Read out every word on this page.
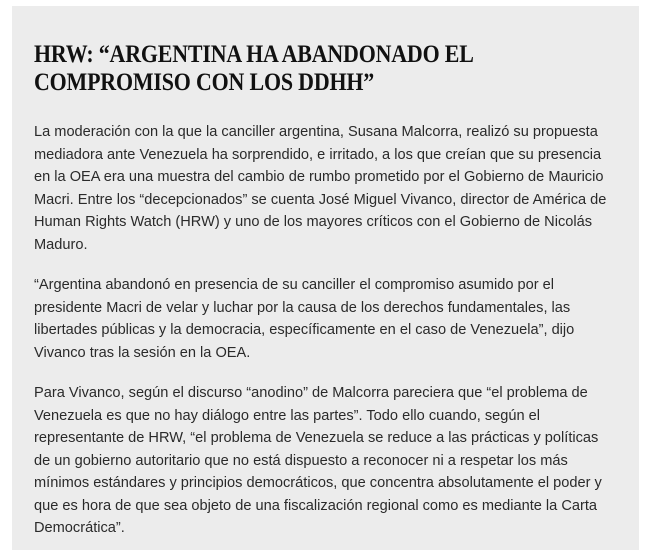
HRW: “ARGENTINA HA ABANDONADO EL COMPROMISO CON LOS DDHH”

La moderación con la que la canciller argentina, Susana Malcorra, realizó su propuesta mediadora ante Venezuela ha sorprendido, e irritado, a los que creían que su presencia en la OEA era una muestra del cambio de rumbo prometido por el Gobierno de Mauricio Macri. Entre los “decepcionados” se cuenta José Miguel Vivanco, director de América de Human Rights Watch (HRW) y uno de los mayores críticos con el Gobierno de Nicolás Maduro.

“Argentina abandonó en presencia de su canciller el compromiso asumido por el presidente Macri de velar y luchar por la causa de los derechos fundamentales, las libertades públicas y la democracia, específicamente en el caso de Venezuela”, dijo Vivanco tras la sesión en la OEA.

Para Vivanco, según el discurso “anodino” de Malcorra pareciera que “el problema de Venezuela es que no hay diálogo entre las partes”. Todo ello cuando, según el representante de HRW, “el problema de Venezuela se reduce a las prácticas y políticas de un gobierno autoritario que no está dispuesto a reconocer ni a respetar los más mínimos estándares y principios democráticos, que concentra absolutamente el poder y que es hora de que sea objeto de una fiscalización regional como es mediante la Carta Democrática”.
